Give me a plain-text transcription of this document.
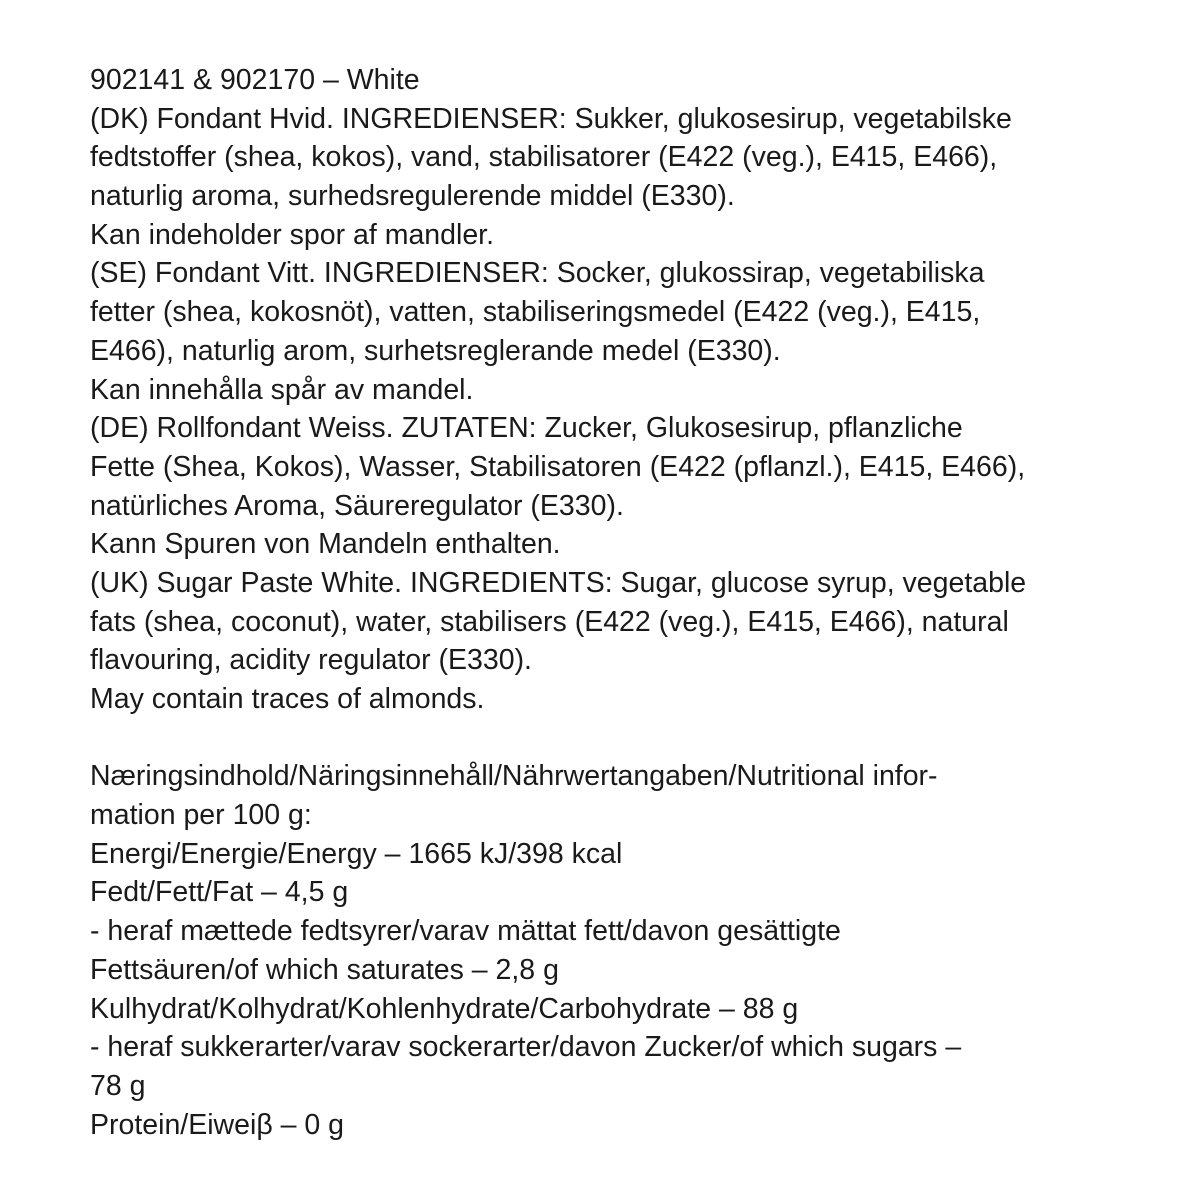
902141 & 902170 – White
(DK) Fondant Hvid. INGREDIENSER: Sukker, glukosesirup, vegetabilske
fedtstoffer (shea, kokos), vand, stabilisatorer (E422 (veg.), E415, E466),
naturlig aroma, surhedsregulerende middel (E330).
Kan indeholder spor af mandler.
(SE) Fondant Vitt. INGREDIENSER: Socker, glukossirap, vegetabiliska
fetter (shea, kokosnöt), vatten, stabiliseringsmedel (E422 (veg.), E415,
E466), naturlig arom, surhetsreglerande medel (E330).
Kan innehålla spår av mandel.
(DE) Rollfondant Weiss. ZUTATEN: Zucker, Glukosesirup, pflanzliche
Fette (Shea, Kokos), Wasser, Stabilisatoren (E422 (pflanzl.), E415, E466),
natürliches Aroma, Säureregulator (E330).
Kann Spuren von Mandeln enthalten.
(UK) Sugar Paste White. INGREDIENTS: Sugar, glucose syrup, vegetable
fats (shea, coconut), water, stabilisers (E422 (veg.), E415, E466), natural
flavouring, acidity regulator (E330).
May contain traces of almonds.
Næringsindhold/Näringsinnehåll/Nährwertangaben/Nutritional infor-
mation per 100 g:
Energi/Energie/Energy – 1665 kJ/398 kcal
Fedt/Fett/Fat – 4,5 g
- heraf mættede fedtsyrer/varav mättat fett/davon gesättigte
Fettsäuren/of which saturates – 2,8 g
Kulhydrat/Kolhydrat/Kohlenhydrate/Carbohydrate – 88 g
- heraf sukkerarter/varav sockerarter/davon Zucker/of which sugars –
78 g
Protein/Eiweiβ – 0 g
